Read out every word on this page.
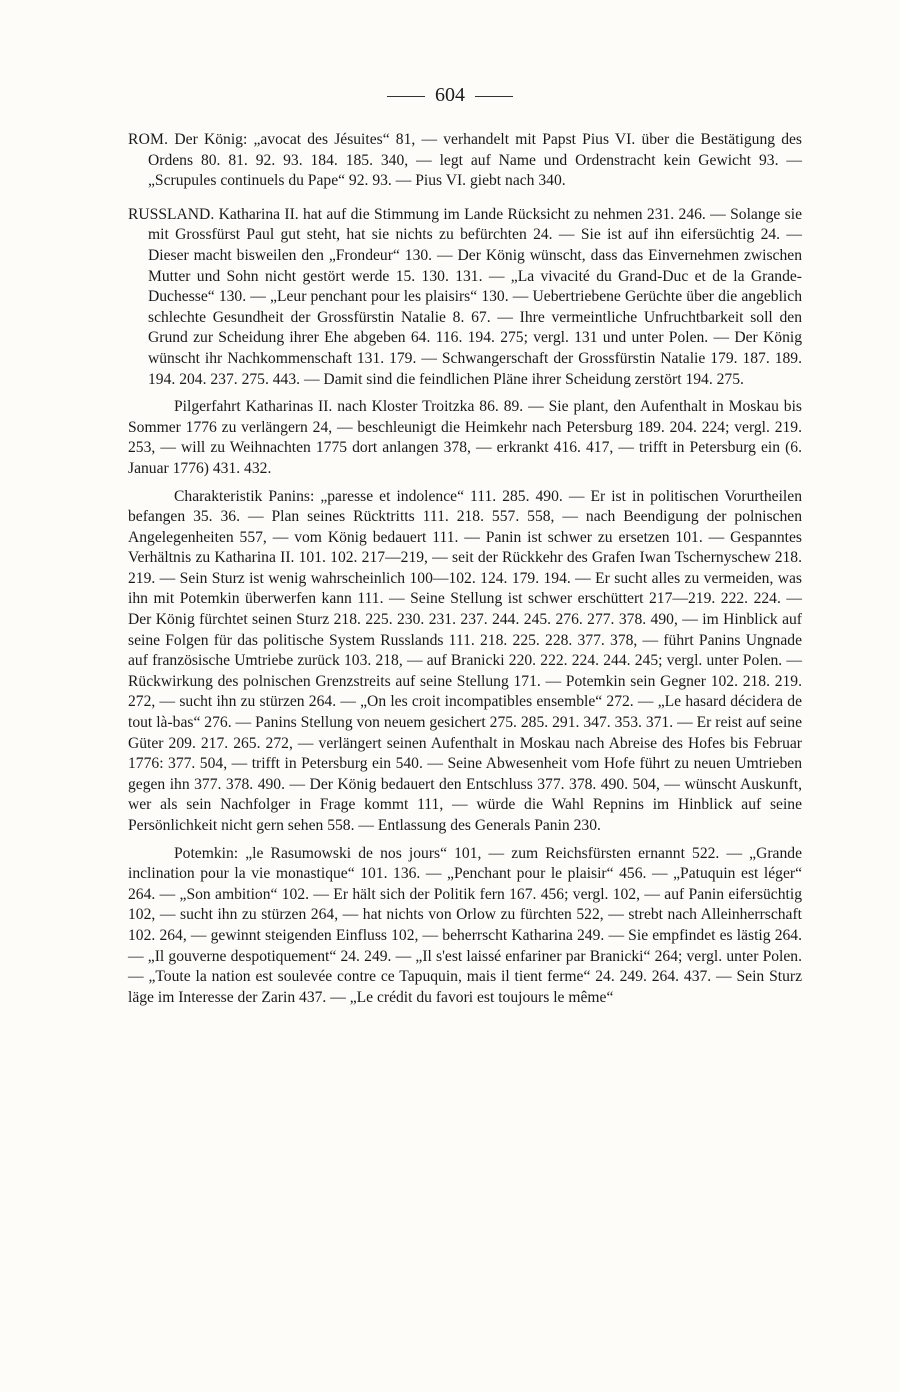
604

ROM. Der König: „avocat des Jésuites“ 81, — verhandelt mit Papst Pius VI. über die Bestätigung des Ordens 80. 81. 92. 93. 184. 185. 340, — legt auf Name und Ordenstracht kein Gewicht 93. — „Scrupules continuels du Pape“ 92. 93. — Pius VI. giebt nach 340.

RUSSLAND. Katharina II. hat auf die Stimmung im Lande Rücksicht zu nehmen 231. 246. — Solange sie mit Grossfürst Paul gut steht, hat sie nichts zu befürchten 24. — Sie ist auf ihn eifersüchtig 24. — Dieser macht bisweilen den „Frondeur“ 130. — Der König wünscht, dass das Einvernehmen zwischen Mutter und Sohn nicht gestört werde 15. 130. 131. — „La vivacité du Grand-Duc et de la Grande-Duchesse“ 130. — „Leur penchant pour les plaisirs“ 130. — Uebertriebene Gerüchte über die angeblich schlechte Gesundheit der Grossfürstin Natalie 8. 67. — Ihre vermeintliche Unfruchtbarkeit soll den Grund zur Scheidung ihrer Ehe abgeben 64. 116. 194. 275; vergl. 131 und unter Polen. — Der König wünscht ihr Nachkommenschaft 131. 179. — Schwangerschaft der Grossfürstin Natalie 179. 187. 189. 194. 204. 237. 275. 443. — Damit sind die feindlichen Pläne ihrer Scheidung zerstört 194. 275.

Pilgerfahrt Katharinas II. nach Kloster Troitzka 86. 89. — Sie plant, den Aufenthalt in Moskau bis Sommer 1776 zu verlängern 24, — beschleunigt die Heimkehr nach Petersburg 189. 204. 224; vergl. 219. 253, — will zu Weihnachten 1775 dort anlangen 378, — erkrankt 416. 417, — trifft in Petersburg ein (6. Januar 1776) 431. 432.

Charakteristik Panins: „paresse et indolence“ 111. 285. 490. — Er ist in politischen Vorurtheilen befangen 35. 36. — Plan seines Rücktritts 111. 218. 557. 558, — nach Beendigung der polnischen Angelegenheiten 557, — vom König bedauert 111. — Panin ist schwer zu ersetzen 101. — Gespanntes Verhältnis zu Katharina II. 101. 102. 217—219, — seit der Rückkehr des Grafen Iwan Tschernyschew 218. 219. — Sein Sturz ist wenig wahrscheinlich 100—102. 124. 179. 194. — Er sucht alles zu vermeiden, was ihn mit Potemkin überwerfen kann 111. — Seine Stellung ist schwer erschüttert 217—219. 222. 224. — Der König fürchtet seinen Sturz 218. 225. 230. 231. 237. 244. 245. 276. 277. 378. 490, — im Hinblick auf seine Folgen für das politische System Russlands 111. 218. 225. 228. 377. 378, — führt Panins Ungnade auf französische Umtriebe zurück 103. 218, — auf Branicki 220. 222. 224. 244. 245; vergl. unter Polen. — Rückwirkung des polnischen Grenzstreits auf seine Stellung 171. — Potemkin sein Gegner 102. 218. 219. 272, — sucht ihn zu stürzen 264. — „On les croit incompatibles ensemble“ 272. — „Le hasard décidera de tout là-bas“ 276. — Panins Stellung von neuem gesichert 275. 285. 291. 347. 353. 371. — Er reist auf seine Güter 209. 217. 265. 272, — verlängert seinen Aufenthalt in Moskau nach Abreise des Hofes bis Februar 1776: 377. 504, — trifft in Petersburg ein 540. — Seine Abwesenheit vom Hofe führt zu neuen Umtrieben gegen ihn 377. 378. 490. — Der König bedauert den Entschluss 377. 378. 490. 504, — wünscht Auskunft, wer als sein Nachfolger in Frage kommt 111, — würde die Wahl Repnins im Hinblick auf seine Persönlichkeit nicht gern sehen 558. — Entlassung des Generals Panin 230.

Potemkin: „le Rasumowski de nos jours“ 101, — zum Reichsfürsten ernannt 522. — „Grande inclination pour la vie monastique“ 101. 136. — „Penchant pour le plaisir“ 456. — „Patuquin est léger“ 264. — „Son ambition“ 102. — Er hält sich der Politik fern 167. 456; vergl. 102, — auf Panin eifersüchtig 102, — sucht ihn zu stürzen 264, — hat nichts von Orlow zu fürchten 522, — strebt nach Alleinherrschaft 102. 264, — gewinnt steigenden Einfluss 102, — beherrscht Katharina 249. — Sie empfindet es lästig 264. — „Il gouverne despotiquement“ 24. 249. — „Il s'est laissé enfariner par Branicki“ 264; vergl. unter Polen. — „Toute la nation est soulevée contre ce Tapuquin, mais il tient ferme“ 24. 249. 264. 437. — Sein Sturz läge im Interesse der Zarin 437. — „Le crédit du favori est toujours le même“
